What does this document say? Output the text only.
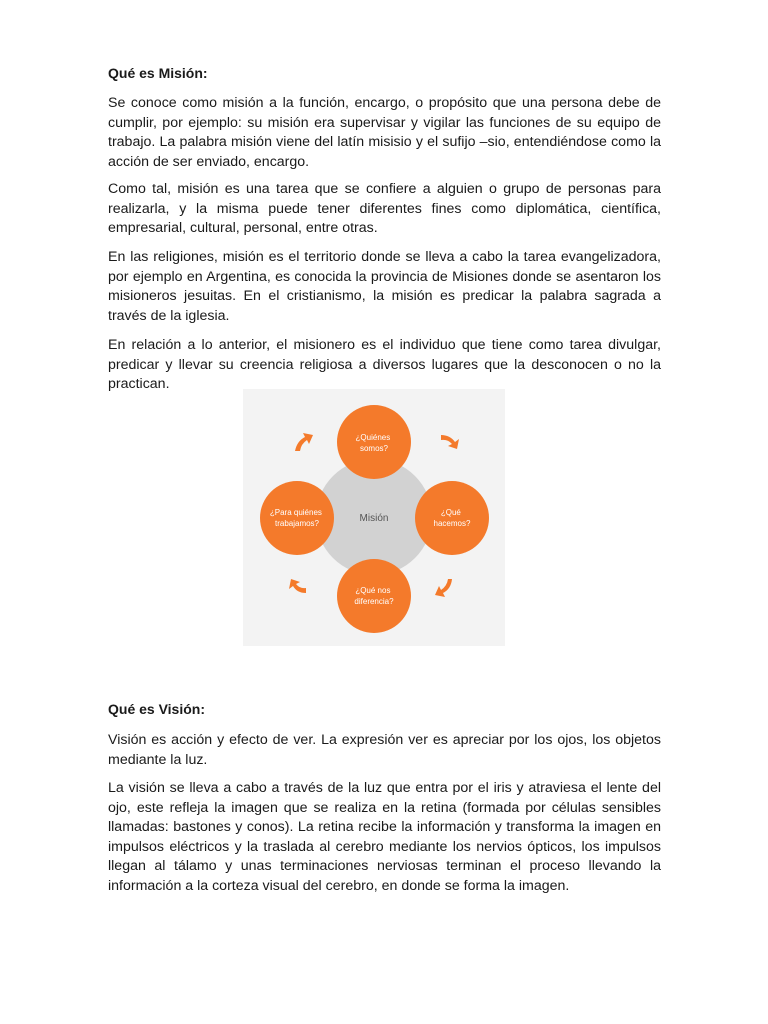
Qué es Misión:

Se conoce como misión a la función, encargo, o propósito que una persona debe de cumplir, por ejemplo: su misión era supervisar y vigilar las funciones de su equipo de trabajo. La palabra misión viene del latín misisio y el sufijo –sio, entendiéndose como la acción de ser enviado, encargo.

Como tal, misión es una tarea que se confiere a alguien o grupo de personas para realizarla, y la misma puede tener diferentes fines como diplomática, científica, empresarial, cultural, personal, entre otras.

En las religiones, misión es el territorio donde se lleva a cabo la tarea evangelizadora, por ejemplo en Argentina, es conocida la provincia de Misiones donde se asentaron los misioneros jesuitas. En el cristianismo, la misión es predicar la palabra sagrada a través de la iglesia.

En relación a lo anterior, el misionero es el individuo que tiene como tarea divulgar, predicar y llevar su creencia religiosa a diversos lugares que la desconocen o no la practican.

Qué es Visión:

Visión es acción y efecto de ver. La expresión ver es apreciar por los ojos, los objetos mediante la luz.

La visión se lleva a cabo a través de la luz que entra por el iris y atraviesa el lente del ojo, este refleja la imagen que se realiza en la retina (formada por células sensibles llamadas: bastones y conos). La retina recibe la información y transforma la imagen en impulsos eléctricos y la traslada al cerebro mediante los nervios ópticos, los impulsos llegan al tálamo y unas terminaciones nerviosas terminan el proceso llevando la información a la corteza visual del cerebro, en donde se forma la imagen.

Misión
¿Quiénes somos?
¿Qué hacemos?
¿Qué nos diferencia?
¿Para quiénes trabajamos?
